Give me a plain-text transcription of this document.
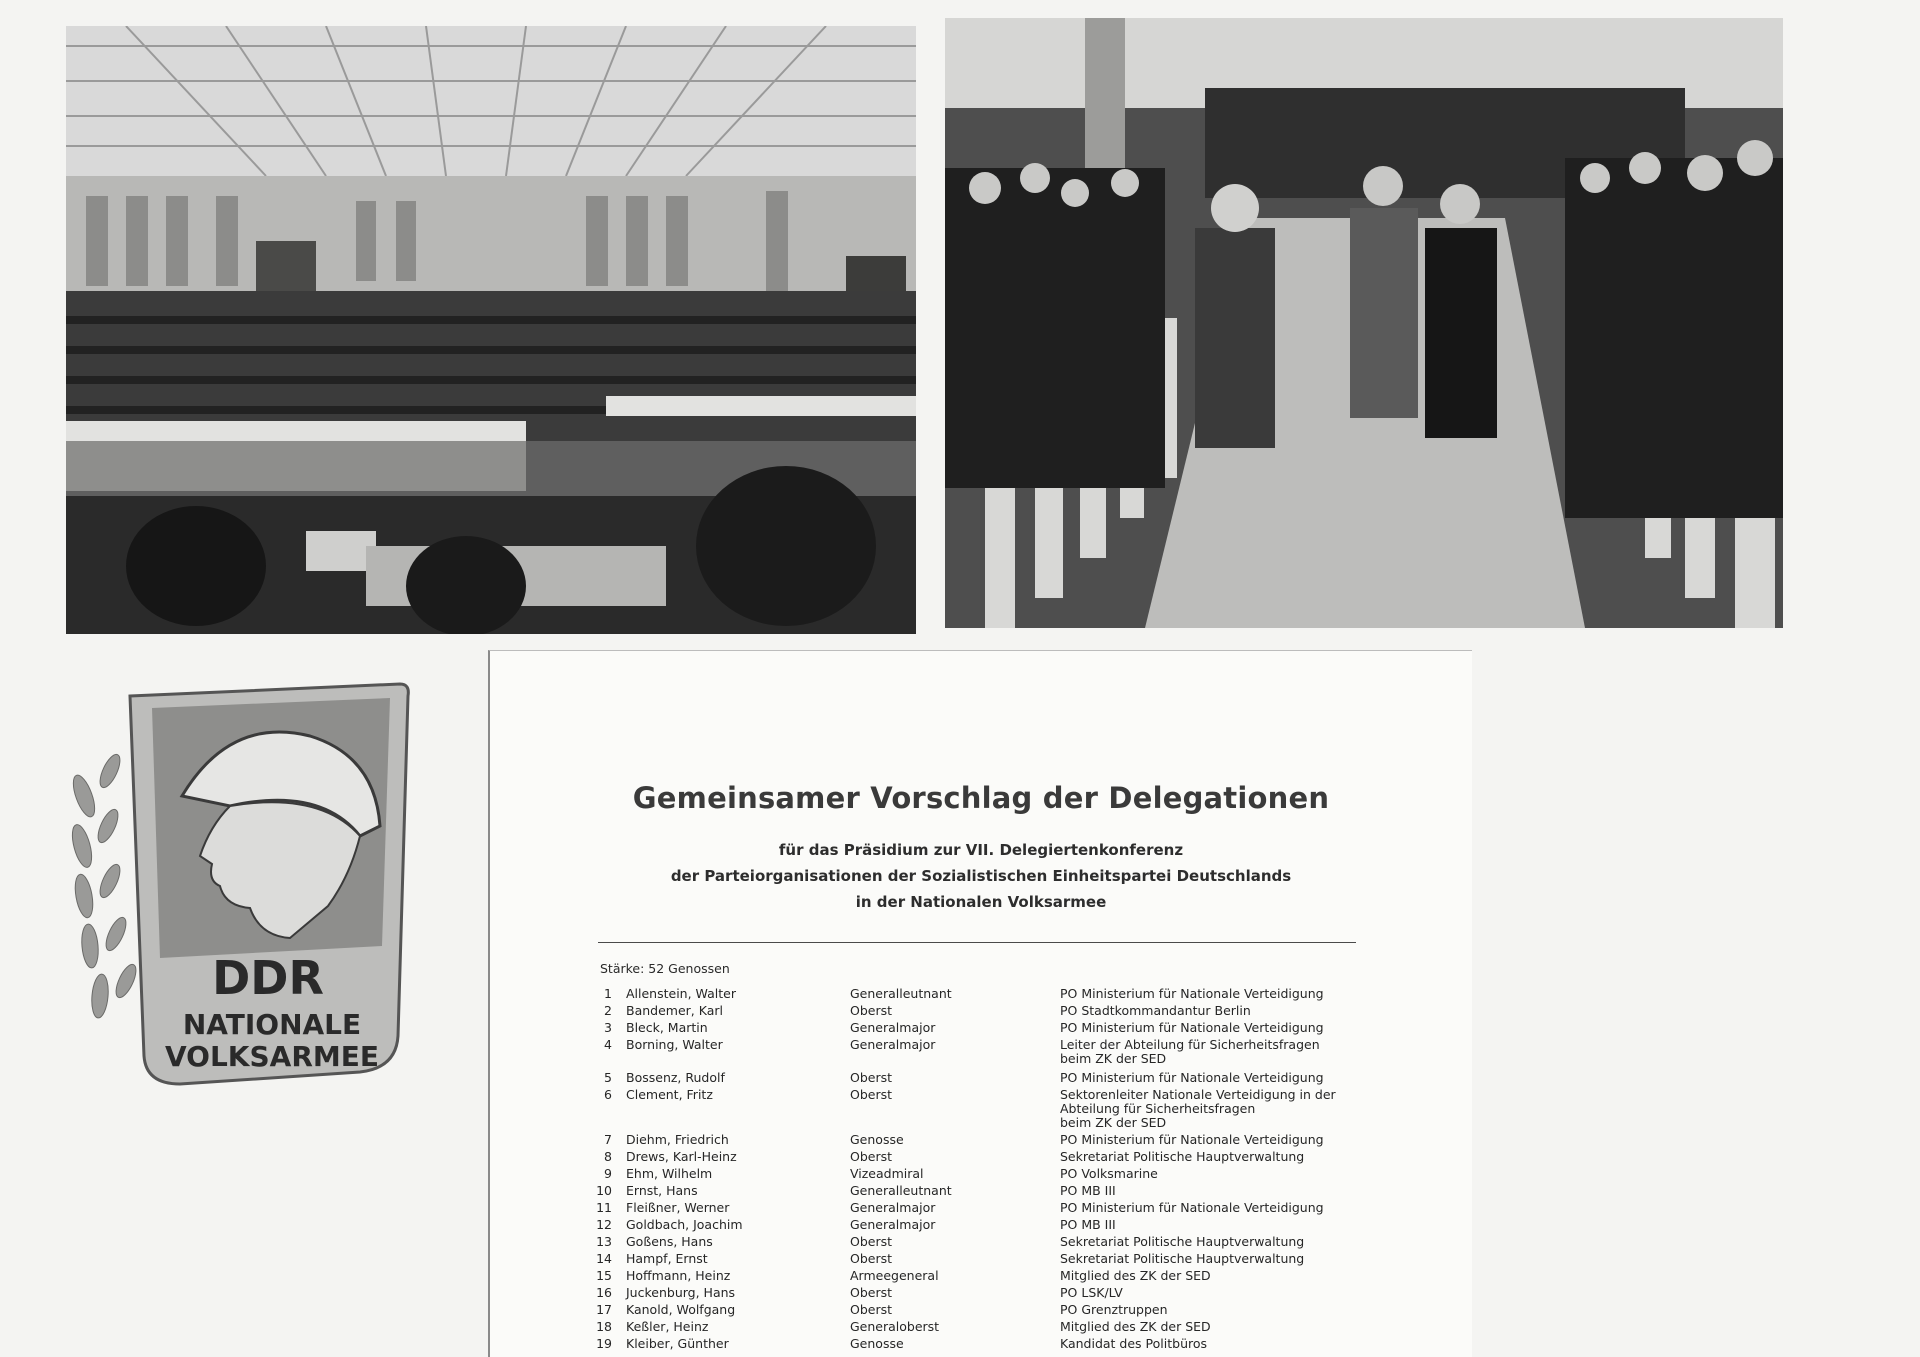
DDR
NATIONALE
VOLKSARMEE
Gemeinsamer Vorschlag der Delegationen
für das Präsidium zur VII. Delegiertenkonferenz
der Parteiorganisationen der Sozialistischen Einheitspartei Deutschlands
in der Nationalen Volksarmee
Stärke: 52 Genossen
1 Allenstein, Walter	Generalleutnant	PO Ministerium für Nationale Verteidigung
2 Bandemer, Karl	Oberst	PO Stadtkommandantur Berlin
3 Bleck, Martin	Generalmajor	PO Ministerium für Nationale Verteidigung
4 Borning, Walter	Generalmajor	Leiter der Abteilung für Sicherheitsfragen
beim ZK der SED
5 Bossenz, Rudolf	Oberst	PO Ministerium für Nationale Verteidigung
6 Clement, Fritz	Oberst	Sektorenleiter Nationale Verteidigung in der
Abteilung für Sicherheitsfragen
beim ZK der SED
7 Diehm, Friedrich	Genosse	PO Ministerium für Nationale Verteidigung
8 Drews, Karl-Heinz	Oberst	Sekretariat Politische Hauptverwaltung
9 Ehm, Wilhelm	Vizeadmiral	PO Volksmarine
10 Ernst, Hans	Generalleutnant	PO MB III
11 Fleißner, Werner	Generalmajor	PO Ministerium für Nationale Verteidigung
12 Goldbach, Joachim	Generalmajor	PO MB III
13 Goßens, Hans	Oberst	Sekretariat Politische Hauptverwaltung
14 Hampf, Ernst	Oberst	Sekretariat Politische Hauptverwaltung
15 Hoffmann, Heinz	Armeegeneral	Mitglied des ZK der SED
16 Juckenburg, Hans	Oberst	PO LSK/LV
17 Kanold, Wolfgang	Oberst	PO Grenztruppen
18 Keßler, Heinz	Generaloberst	Mitglied des ZK der SED
19 Kleiber, Günther	Genosse	Kandidat des Politbüros
